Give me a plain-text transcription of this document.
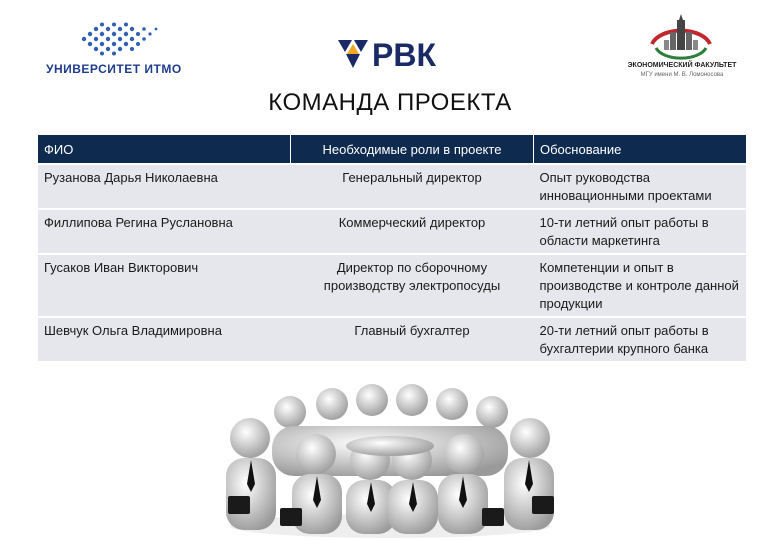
УНИВЕРСИТЕТ ИТМО	РВК	ЭКОНОМИЧЕСКИЙ ФАКУЛЬТЕТ
МГУ имени М. В. Ломоносова
КОМАНДА ПРОЕКТА
ФИО	Необходимые роли в проекте	Обоснование
Рузанова Дарья Николаевна	Генеральный директор	Опыт руководства инновационными проектами
Филлипова Регина Руслановна	Коммерческий директор	10-ти летний опыт работы в области маркетинга
Гусаков Иван Викторович	Директор по сборочному производству электропосуды	Компетенции и опыт в производстве и контроле данной продукции
Шевчук Ольга Владимировна	Главный бухгалтер	20-ти летний опыт работы в бухгалтерии крупного банка
